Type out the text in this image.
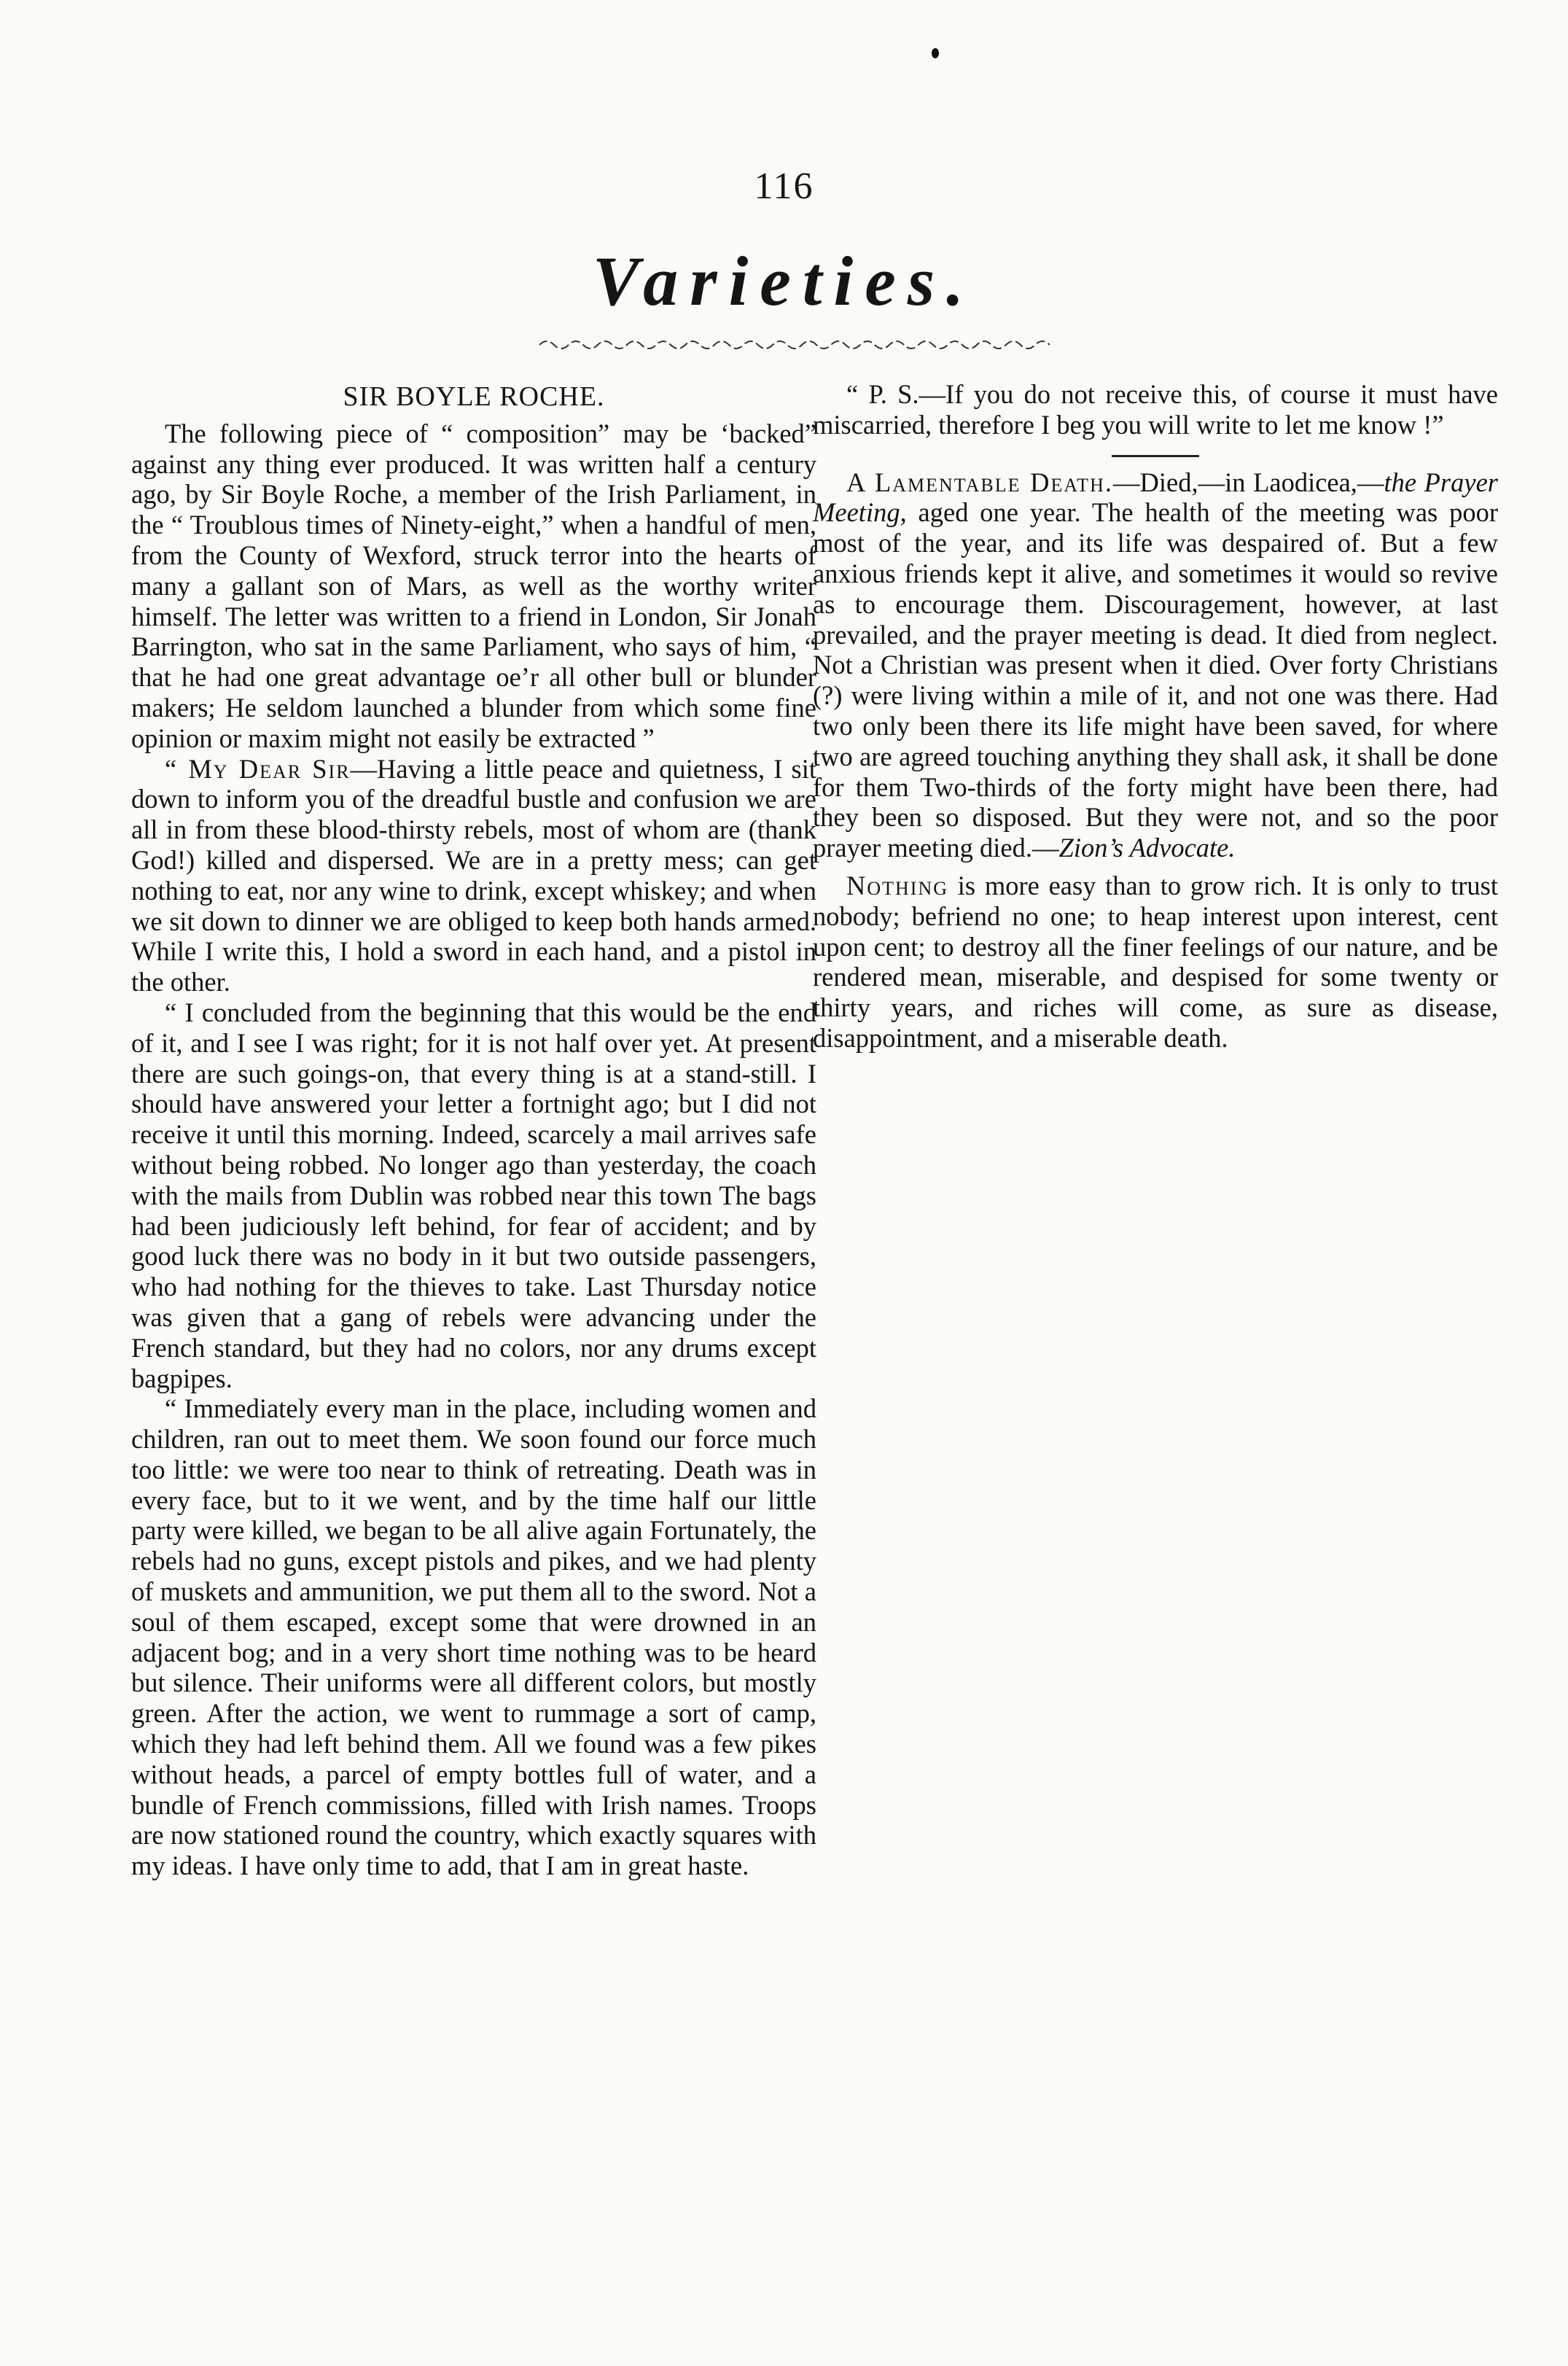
116
Varieties.
SIR BOYLE ROCHE.

The following piece of “ composition” may be ‘backed” against any thing ever produced. It was written half a century ago, by Sir Boyle Roche, a member of the Irish Parliament, in the “ Troublous times of Ninety-eight,” when a handful of men, from the County of Wexford, struck terror into the hearts of many a gallant son of Mars, as well as the worthy writer himself. The letter was written to a friend in London, Sir Jonah Barrington, who sat in the same Parliament, who says of him, “ that he had one great advantage oe’r all other bull or blunder makers; He seldom launched a blunder from which some fine opinion or maxim might not easily be extracted ”

“ My Dear Sir—Having a little peace and quietness, I sit down to inform you of the dreadful bustle and confusion we are all in from these blood-thirsty rebels, most of whom are (thank God!) killed and dispersed. We are in a pretty mess; can get nothing to eat, nor any wine to drink, except whiskey; and when we sit down to dinner we are obliged to keep both hands armed. While I write this, I hold a sword in each hand, and a pistol in the other.

“ I concluded from the beginning that this would be the end of it, and I see I was right; for it is not half over yet. At present there are such goings-on, that every thing is at a stand-still. I should have answered your letter a fortnight ago; but I did not receive it until this morning. Indeed, scarcely a mail arrives safe without being robbed. No longer ago than yesterday, the coach with the mails from Dublin was robbed near this town The bags had been judiciously left behind, for fear of accident; and by good luck there was no body in it but two outside passengers, who had nothing for the thieves to take. Last Thursday notice was given that a gang of rebels were advancing under the French standard, but they had no colors, nor any drums except bagpipes.

“ Immediately every man in the place, including women and children, ran out to meet them. We soon found our force much too little: we were too near to think of retreating. Death was in every face, but to it we went, and by the time half our little party were killed, we began to be all alive again Fortunately, the rebels had no guns, except pistols and pikes, and we had plenty of muskets and ammunition, we put them all to the sword. Not a soul of them escaped, except some that were drowned in an adjacent bog; and in a very short time nothing was to be heard but silence. Their uniforms were all different colors, but mostly green. After the action, we went to rummage a sort of camp, which they had left behind them. All we found was a few pikes without heads, a parcel of empty bottles full of water, and a bundle of French commissions, filled with Irish names. Troops are now stationed round the country, which exactly squares with my ideas. I have only time to add, that I am in great haste.

“ P. S.—If you do not receive this, of course it must have miscarried, therefore I beg you will write to let me know !”

A Lamentable Death.—Died,—in Laodicea,—the Prayer Meeting, aged one year. The health of the meeting was poor most of the year, and its life was despaired of. But a few anxious friends kept it alive, and sometimes it would so revive as to encourage them. Discouragement, however, at last prevailed, and the prayer meeting is dead. It died from neglect. Not a Christian was present when it died. Over forty Christians (?) were living within a mile of it, and not one was there. Had two only been there its life might have been saved, for where two are agreed touching anything they shall ask, it shall be done for them Two-thirds of the forty might have been there, had they been so disposed. But they were not, and so the poor prayer meeting died.—Zion’s Advocate.

Nothing is more easy than to grow rich. It is only to trust nobody; befriend no one; to heap interest upon interest, cent upon cent; to destroy all the finer feelings of our nature, and be rendered mean, miserable, and despised for some twenty or thirty years, and riches will come, as sure as disease, disappointment, and a miserable death.
